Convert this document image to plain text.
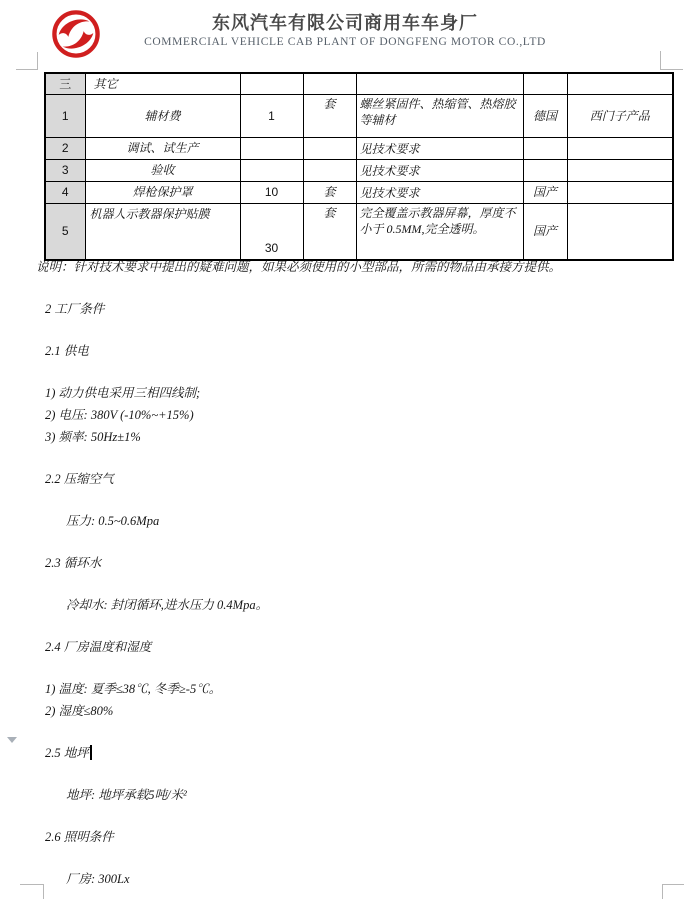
东风汽车有限公司商用车车身厂
COMMERCIAL VEHICLE CAB PLANT OF DONGFENG MOTOR CO.,LTD
三	其它					
1	辅材费	1	套	螺丝紧固件、热缩管、热熔胶等辅材	德国	西门子产品
2	调试、试生产			见技术要求		
3	验收			见技术要求		
4	焊枪保护罩	10	套	见技术要求	国产	
5	机器人示教器保护贴膜	30	套	完全覆盖示教器屏幕，厚度不小于 0.5MM,完全透明。	国产	
说明：针对技术要求中提出的疑难问题，如果必须使用的小型部品，所需的物品由承接方提供。
2 工厂条件
2.1 供电
1) 动力供电采用三相四线制;
2) 电压: 380V (-10%~+15%)
3) 频率: 50Hz±1%
2.2 压缩空气
压力: 0.5~0.6Mpa
2.3 循环水
冷却水: 封闭循环,进水压力 0.4Mpa。
2.4 厂房温度和湿度
1) 温度: 夏季≤38℃, 冬季≥-5℃。
2) 湿度≤80%
2.5 地坪
地坪: 地坪承载5吨/米²
2.6 照明条件
厂房: 300Lx
